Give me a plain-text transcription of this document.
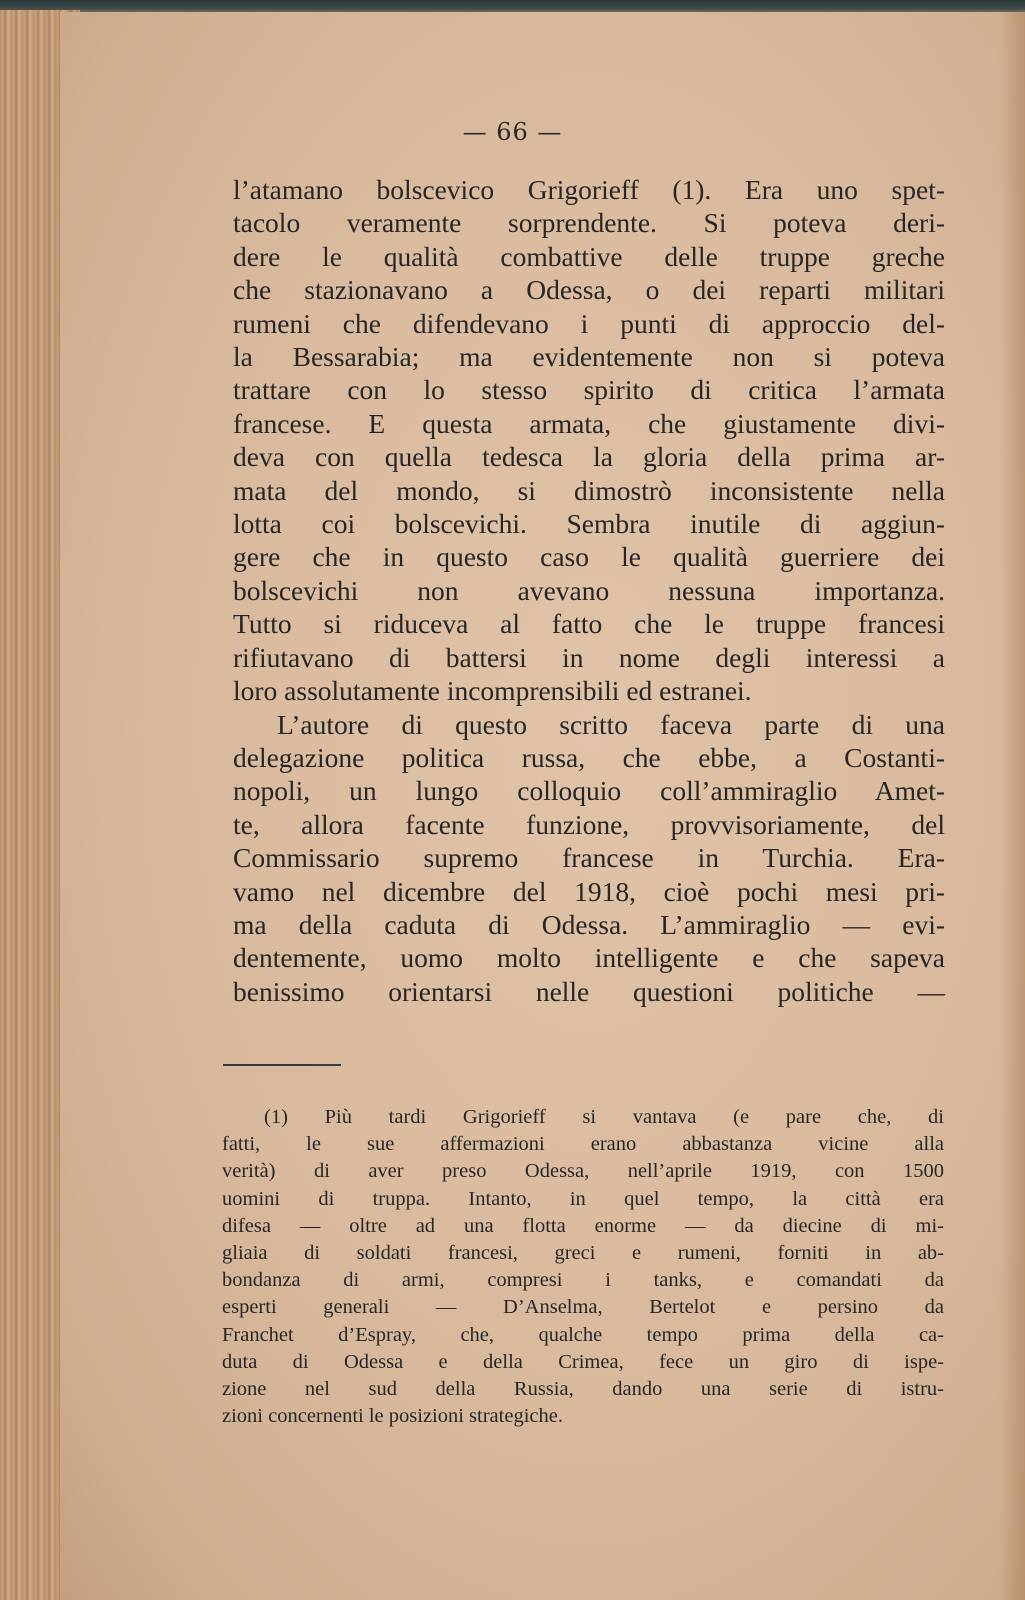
— 66 —
l’atamano bolscevico Grigorieff (1). Era uno spet-
tacolo veramente sorprendente. Si poteva deri-
dere le qualità combattive delle truppe greche
che stazionavano a Odessa, o dei reparti militari
rumeni che difendevano i punti di approccio del-
la Bessarabia; ma evidentemente non si poteva
trattare con lo stesso spirito di critica l’armata
francese. E questa armata, che giustamente divi-
deva con quella tedesca la gloria della prima ar-
mata del mondo, si dimostrò inconsistente nella
lotta coi bolscevichi. Sembra inutile di aggiun-
gere che in questo caso le qualità guerriere dei
bolscevichi non avevano nessuna importanza.
Tutto si riduceva al fatto che le truppe francesi
rifiutavano di battersi in nome degli interessi a
loro assolutamente incomprensibili ed estranei.
L’autore di questo scritto faceva parte di una
delegazione politica russa, che ebbe, a Costanti-
nopoli, un lungo colloquio coll’ammiraglio Amet-
te, allora facente funzione, provvisoriamente, del
Commissario supremo francese in Turchia. Era-
vamo nel dicembre del 1918, cioè pochi mesi pri-
ma della caduta di Odessa. L’ammiraglio — evi-
dentemente, uomo molto intelligente e che sapeva
benissimo orientarsi nelle questioni politiche —
(1) Più tardi Grigorieff si vantava (e pare che, di
fatti, le sue affermazioni erano abbastanza vicine alla
verità) di aver preso Odessa, nell’aprile 1919, con 1500
uomini di truppa. Intanto, in quel tempo, la città era
difesa — oltre ad una flotta enorme — da diecine di mi-
gliaia di soldati francesi, greci e rumeni, forniti in ab-
bondanza di armi, compresi i tanks, e comandati da
esperti generali — D’Anselma, Bertelot e persino da
Franchet d’Espray, che, qualche tempo prima della ca-
duta di Odessa e della Crimea, fece un giro di ispe-
zione nel sud della Russia, dando una serie di istru-
zioni concernenti le posizioni strategiche.
